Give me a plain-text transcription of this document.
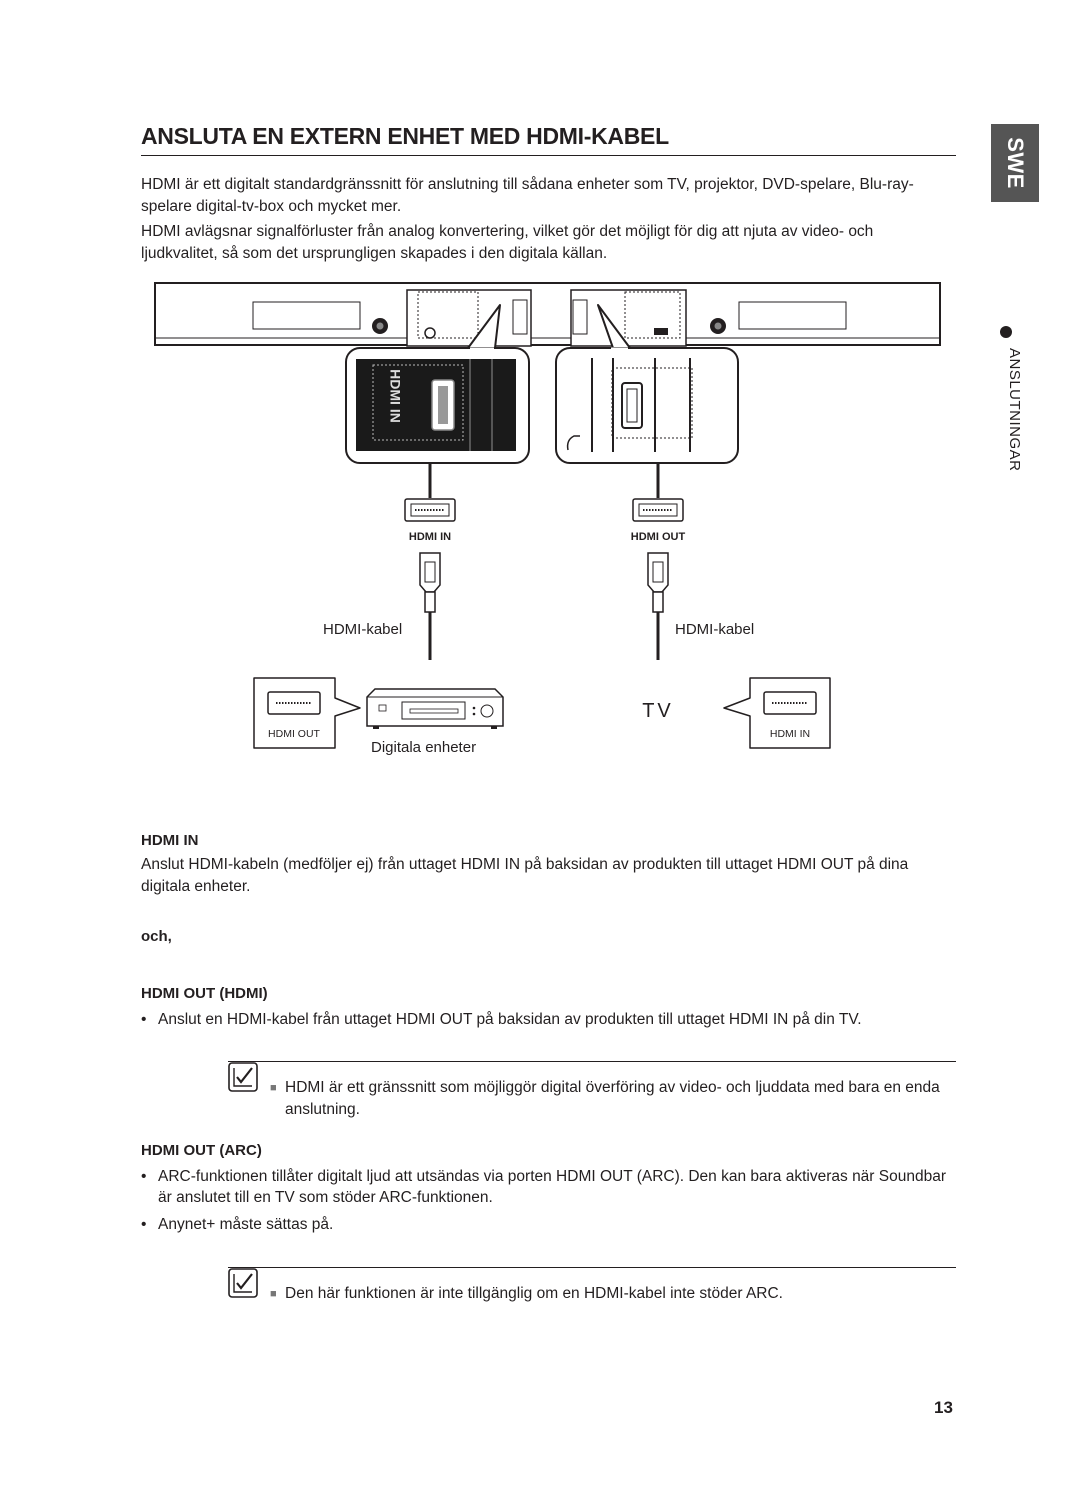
SWE
ANSLUTNINGAR
ANSLUTA EN EXTERN ENHET MED HDMI-KABEL
HDMI är ett digitalt standardgränssnitt för anslutning till sådana enheter som TV, projektor, DVD-spelare, Blu-ray-spelare digital-tv-box och mycket mer.
HDMI avlägsnar signalförluster från analog konvertering, vilket gör det möjligt för dig att njuta av video- och ljudkvalitet, så som det ursprungligen skapades i den digitala källan.
HDMI IN
HDMI IN	HDMI OUT
HDMI OUT
TV
HDMI IN
HDMI-kabel	HDMI-kabel
Digitala enheter
HDMI IN
Anslut HDMI-kabeln (medföljer ej) från uttaget HDMI IN på baksidan av produkten till uttaget HDMI OUT på dina digitala enheter.
och,
HDMI OUT (HDMI)
• Anslut en HDMI-kabel från uttaget HDMI OUT på baksidan av produkten till uttaget HDMI IN på din TV.
■ HDMI är ett gränssnitt som möjliggör digital överföring av video- och ljuddata med bara en enda anslutning.
HDMI OUT (ARC)
• ARC-funktionen tillåter digitalt ljud att utsändas via porten HDMI OUT (ARC). Den kan bara aktiveras när Soundbar är anslutet till en TV som stöder ARC-funktionen.
• Anynet+ måste sättas på.
■ Den här funktionen är inte tillgänglig om en HDMI-kabel inte stöder ARC.
13
